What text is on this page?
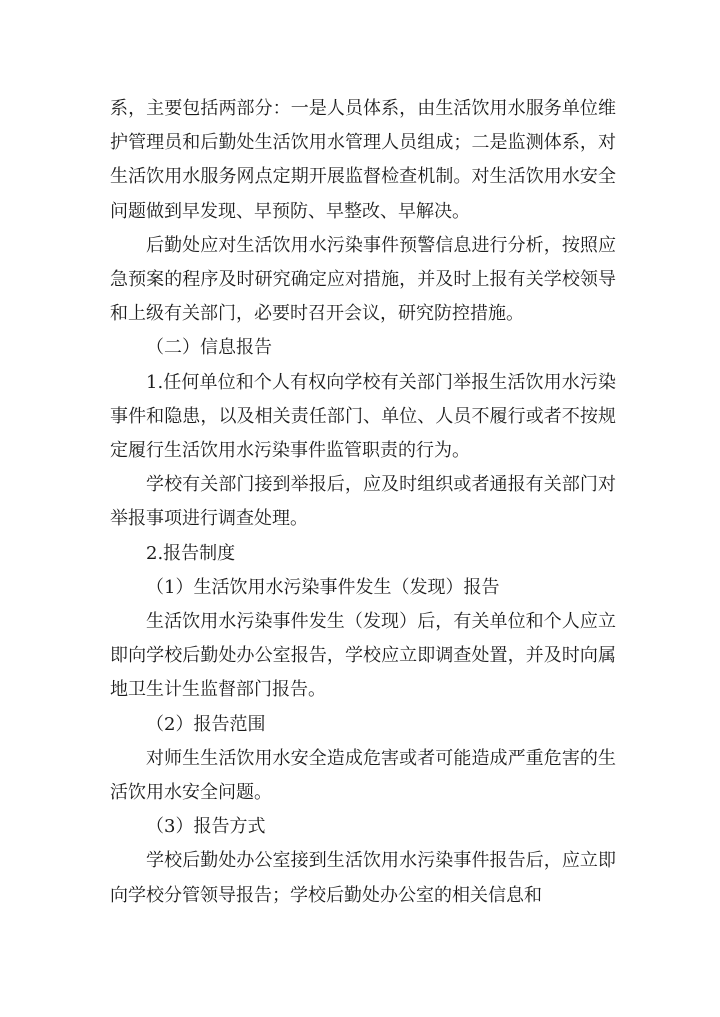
系，主要包括两部分：一是人员体系，由生活饮用水服务单位维护管理员和后勤处生活饮用水管理人员组成；二是监测体系，对生活饮用水服务网点定期开展监督检查机制。对生活饮用水安全问题做到早发现、早预防、早整改、早解决。

后勤处应对生活饮用水污染事件预警信息进行分析，按照应急预案的程序及时研究确定应对措施，并及时上报有关学校领导和上级有关部门，必要时召开会议，研究防控措施。

（二）信息报告

1.任何单位和个人有权向学校有关部门举报生活饮用水污染事件和隐患，以及相关责任部门、单位、人员不履行或者不按规定履行生活饮用水污染事件监管职责的行为。

学校有关部门接到举报后，应及时组织或者通报有关部门对举报事项进行调查处理。

2.报告制度

（1）生活饮用水污染事件发生（发现）报告

生活饮用水污染事件发生（发现）后，有关单位和个人应立即向学校后勤处办公室报告，学校应立即调查处置，并及时向属地卫生计生监督部门报告。

（2）报告范围

对师生生活饮用水安全造成危害或者可能造成严重危害的生活饮用水安全问题。

（3）报告方式

学校后勤处办公室接到生活饮用水污染事件报告后，应立即向学校分管领导报告；学校后勤处办公室的相关信息和
